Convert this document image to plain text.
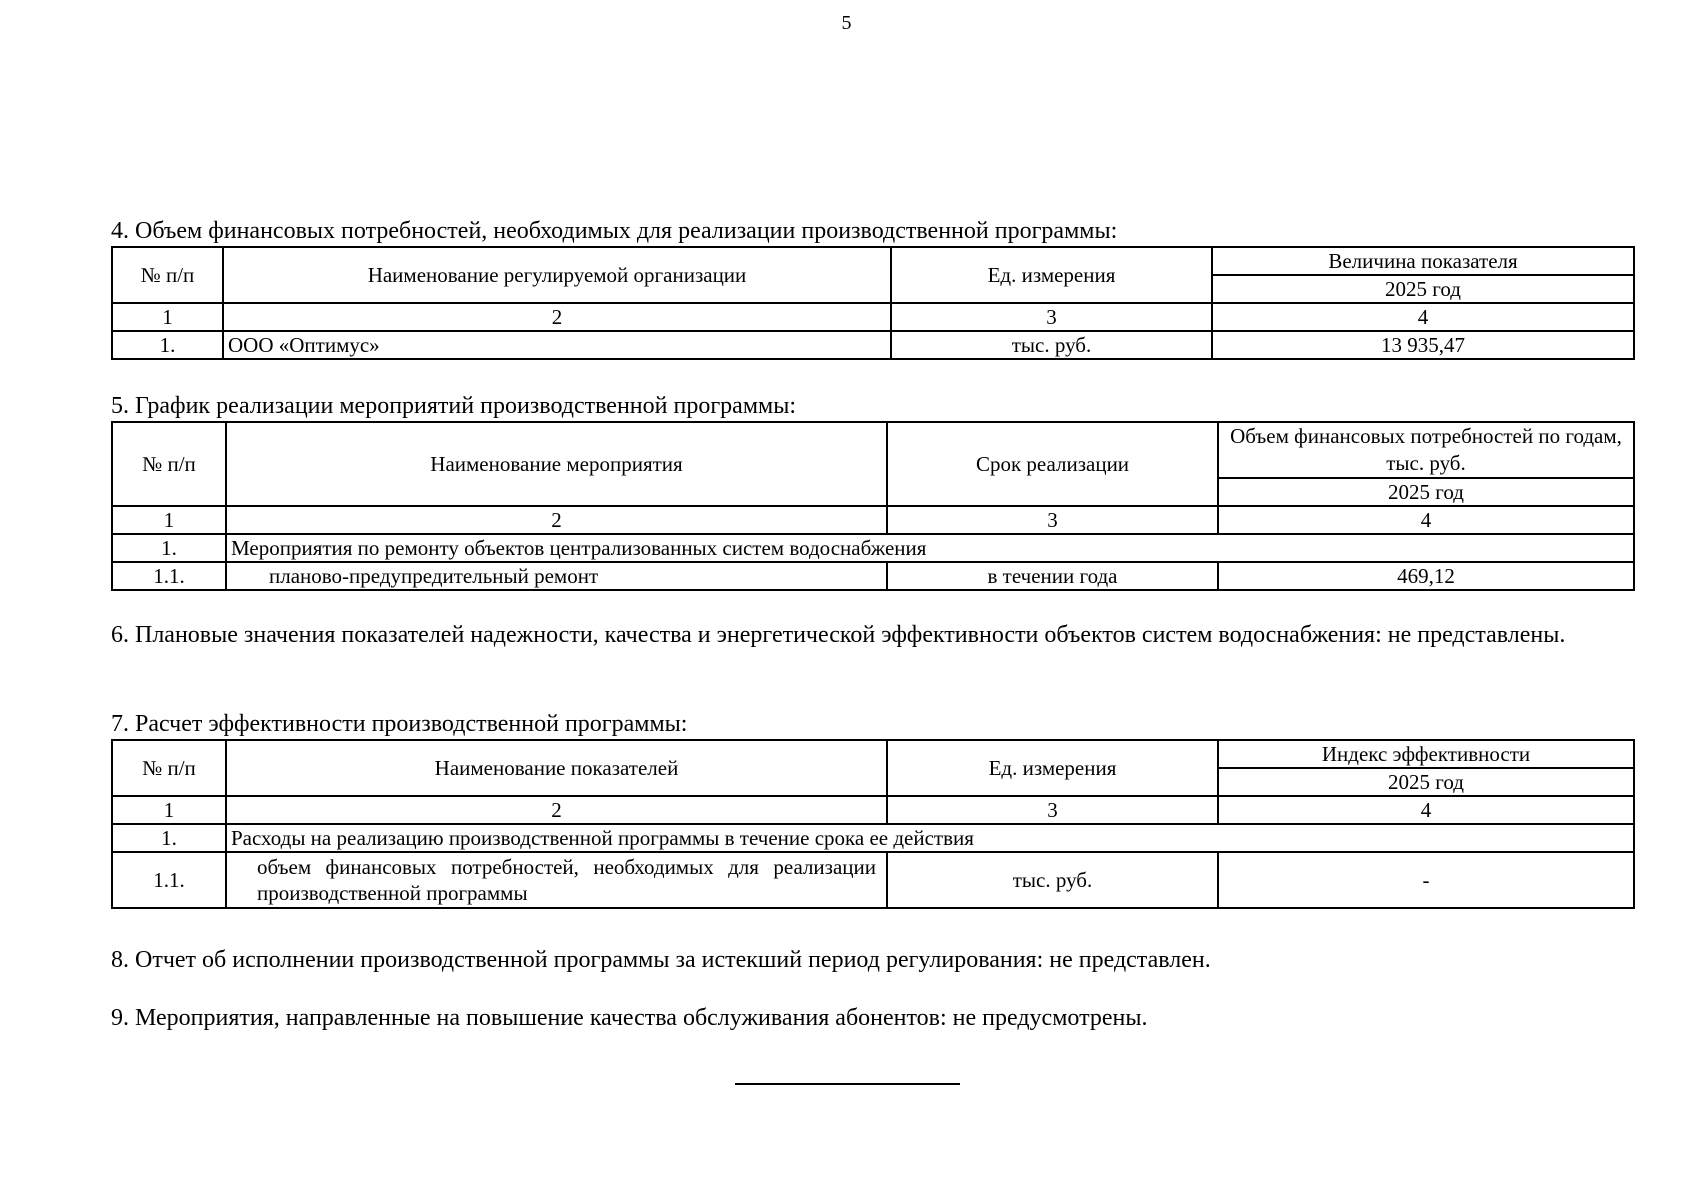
5
4. Объем финансовых потребностей, необходимых для реализации производственной программы:
№ п/п	Наименование регулируемой организации	Ед. измерения	Величина показателя
			2025 год
1	2	3	4
1.	ООО «Оптимус»	тыс. руб.	13 935,47
5. График реализации мероприятий производственной программы:
№ п/п	Наименование мероприятия	Срок реализации	Объем финансовых потребностей по годам, тыс. руб.
			2025 год
1	2	3	4
1.	Мероприятия по ремонту объектов централизованных систем водоснабжения		
1.1.	планово-предупредительный ремонт	в течении года	469,12
6. Плановые значения показателей надежности, качества и энергетической эффективности объектов систем водоснабжения: не представлены.
7. Расчет эффективности производственной программы:
№ п/п	Наименование показателей	Ед. измерения	Индекс эффективности
			2025 год
1	2	3	4
1.	Расходы на реализацию производственной программы в течение срока ее действия		
1.1.	объем финансовых потребностей, необходимых для реализации производственной программы	тыс. руб.	-
8. Отчет об исполнении производственной программы за истекший период регулирования: не представлен.
9. Мероприятия, направленные на повышение качества обслуживания абонентов: не предусмотрены.
